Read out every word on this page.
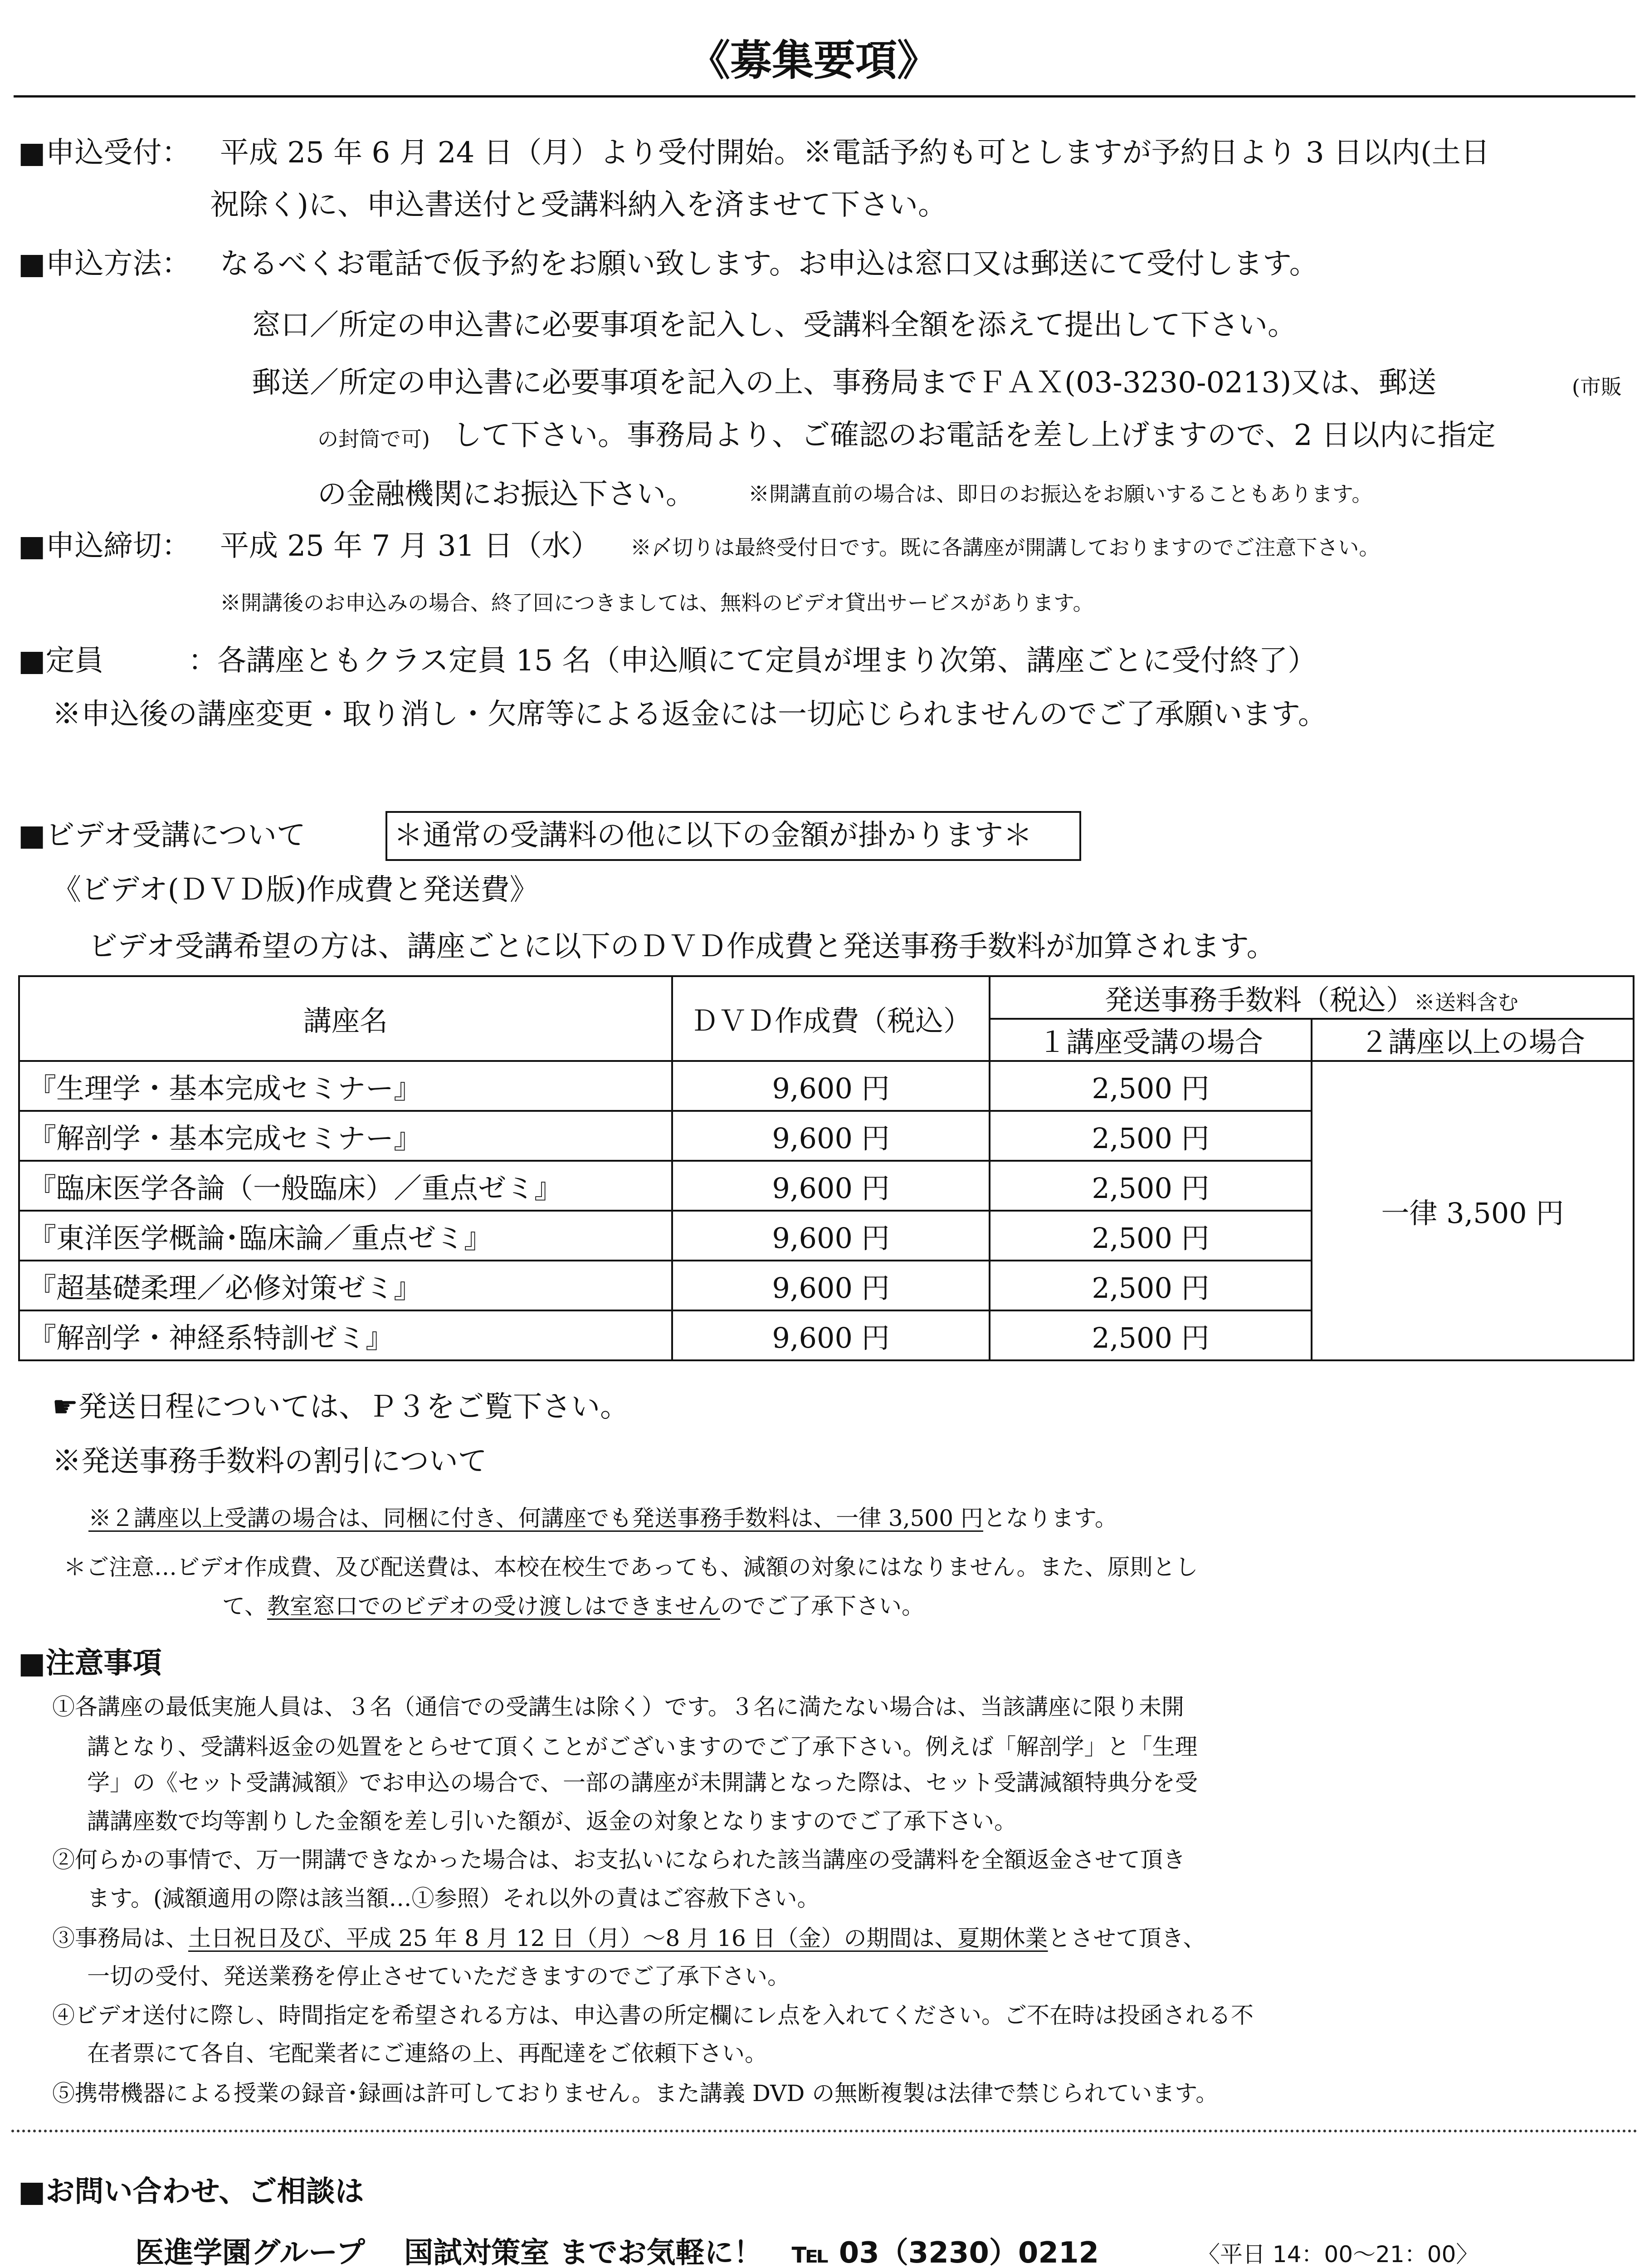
《募集要項》
■申込受付： 平成 25 年 6 月 24 日（月）より受付開始。※電話予約も可としますが予約日より 3 日以内(土日
祝除く)に、申込書送付と受講料納入を済ませて下さい。
■申込方法： なるべくお電話で仮予約をお願い致します。お申込は窓口又は郵送にて受付します。
窓口／所定の申込書に必要事項を記入し、受講料全額を添えて提出して下さい。
郵送／所定の申込書に必要事項を記入の上、事務局までＦＡＸ(03-3230-0213)又は、郵送	(市販
の封筒で可) して下さい。事務局より、ご確認のお電話を差し上げますので、2 日以内に指定
の金融機関にお振込下さい。	※開講直前の場合は、即日のお振込をお願いすることもあります。
■申込締切： 平成 25 年 7 月 31 日（水） ※〆切りは最終受付日です。既に各講座が開講しておりますのでご注意下さい。
※開講後のお申込みの場合、終了回につきましては、無料のビデオ貸出サービスがあります。
■定員	：各講座ともクラス定員 15 名（申込順にて定員が埋まり次第、講座ごとに受付終了）
※申込後の講座変更・取り消し・欠席等による返金には一切応じられませんのでご了承願います。
■ビデオ受講について	＊通常の受講料の他に以下の金額が掛かります＊
《ビデオ(ＤＶＤ版)作成費と発送費》
ビデオ受講希望の方は、講座ごとに以下のＤＶＤ作成費と発送事務手数料が加算されます。
講座名	ＤＶＤ作成費（税込）	発送事務手数料（税込）※送料含む	
		１講座受講の場合	２講座以上の場合
『生理学・基本完成セミナー』	9,600 円	2,500 円	一律 3,500 円
『解剖学・基本完成セミナー』	9,600 円	2,500 円	
『臨床医学各論（一般臨床）／重点ゼミ』	9,600 円	2,500 円	
『東洋医学概論･臨床論／重点ゼミ』	9,600 円	2,500 円	
『超基礎柔理／必修対策ゼミ』	9,600 円	2,500 円	
『解剖学・神経系特訓ゼミ』	9,600 円	2,500 円	
☛発送日程については、Ｐ３をご覧下さい。
※発送事務手数料の割引について
※２講座以上受講の場合は、同梱に付き、何講座でも発送事務手数料は、一律 3,500 円となります。
＊ご注意…ビデオ作成費、及び配送費は、本校在校生であっても、減額の対象にはなりません。また、原則とし
て、教室窓口でのビデオの受け渡しはできませんのでご了承下さい。
■注意事項
①各講座の最低実施人員は、３名（通信での受講生は除く）です。３名に満たない場合は、当該講座に限り未開
講となり、受講料返金の処置をとらせて頂くことがございますのでご了承下さい。例えば「解剖学」と「生理
学」の《セット受講減額》でお申込の場合で、一部の講座が未開講となった際は、セット受講減額特典分を受
講講座数で均等割りした金額を差し引いた額が、返金の対象となりますのでご了承下さい。
②何らかの事情で、万一開講できなかった場合は、お支払いになられた該当講座の受講料を全額返金させて頂き
ます。(減額適用の際は該当額…①参照）それ以外の責はご容赦下さい。
③事務局は、土日祝日及び、平成 25 年 8 月 12 日（月）～8 月 16 日（金）の期間は、夏期休業とさせて頂き、
一切の受付、発送業務を停止させていただきますのでご了承下さい。
④ビデオ送付に際し、時間指定を希望される方は、申込書の所定欄にレ点を入れてください。ご不在時は投函される不
在者票にて各自、宅配業者にご連絡の上、再配達をご依頼下さい。
⑤携帯機器による授業の録音･録画は許可しておりません。また講義 DVD の無断複製は法律で禁じられています。
■お問い合わせ、ご相談は
医進学園グループ　 国試対策室 までお気軽に！　℡ 03（3230）0212	〈平日 14：00～21：00〉
